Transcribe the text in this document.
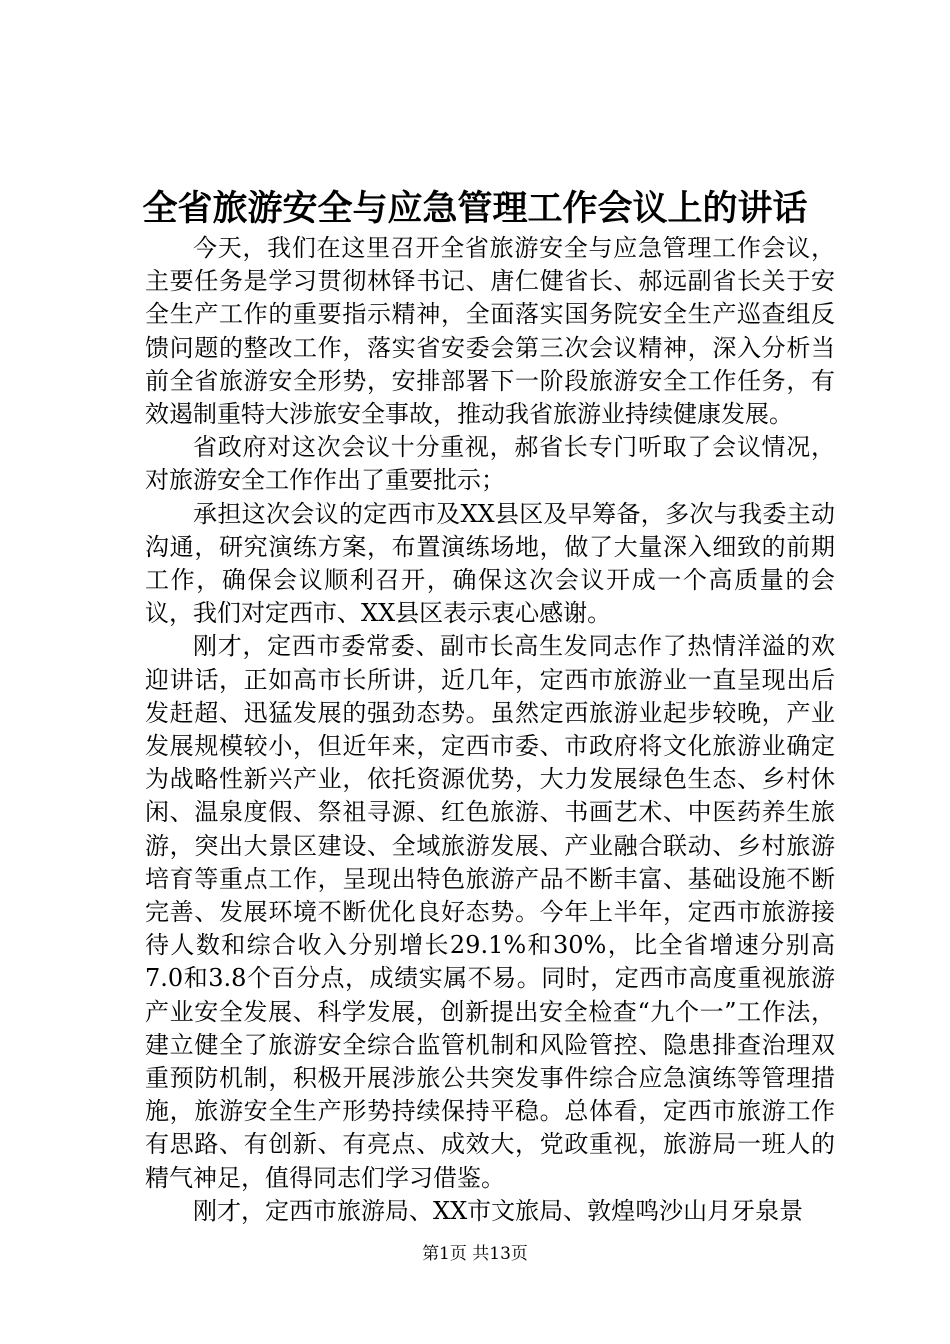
全省旅游安全与应急管理工作会议上的讲话

今天，我们在这里召开全省旅游安全与应急管理工作会议，主要任务是学习贯彻林铎书记、唐仁健省长、郝远副省长关于安全生产工作的重要指示精神，全面落实国务院安全生产巡查组反馈问题的整改工作，落实省安委会第三次会议精神，深入分析当前全省旅游安全形势，安排部署下一阶段旅游安全工作任务，有效遏制重特大涉旅安全事故，推动我省旅游业持续健康发展。

省政府对这次会议十分重视，郝省长专门听取了会议情况，对旅游安全工作作出了重要批示；

承担这次会议的定西市及XX县区及早筹备，多次与我委主动沟通，研究演练方案，布置演练场地，做了大量深入细致的前期工作，确保会议顺利召开，确保这次会议开成一个高质量的会议，我们对定西市、XX县区表示衷心感谢。

刚才，定西市委常委、副市长高生发同志作了热情洋溢的欢迎讲话，正如高市长所讲，近几年，定西市旅游业一直呈现出后发赶超、迅猛发展的强劲态势。虽然定西旅游业起步较晚，产业发展规模较小，但近年来，定西市委、市政府将文化旅游业确定为战略性新兴产业，依托资源优势，大力发展绿色生态、乡村休闲、温泉度假、祭祖寻源、红色旅游、书画艺术、中医药养生旅游，突出大景区建设、全域旅游发展、产业融合联动、乡村旅游培育等重点工作，呈现出特色旅游产品不断丰富、基础设施不断完善、发展环境不断优化良好态势。今年上半年，定西市旅游接待人数和综合收入分别增长29.1%和30%，比全省增速分别高7.0和3.8个百分点，成绩实属不易。同时，定西市高度重视旅游产业安全发展、科学发展，创新提出安全检查“九个一”工作法，建立健全了旅游安全综合监管机制和风险管控、隐患排查治理双重预防机制，积极开展涉旅公共突发事件综合应急演练等管理措施，旅游安全生产形势持续保持平稳。总体看，定西市旅游工作有思路、有创新、有亮点、成效大，党政重视，旅游局一班人的精气神足，值得同志们学习借鉴。

刚才，定西市旅游局、XX市文旅局、敦煌鸣沙山月牙泉景

第1页 共13页
